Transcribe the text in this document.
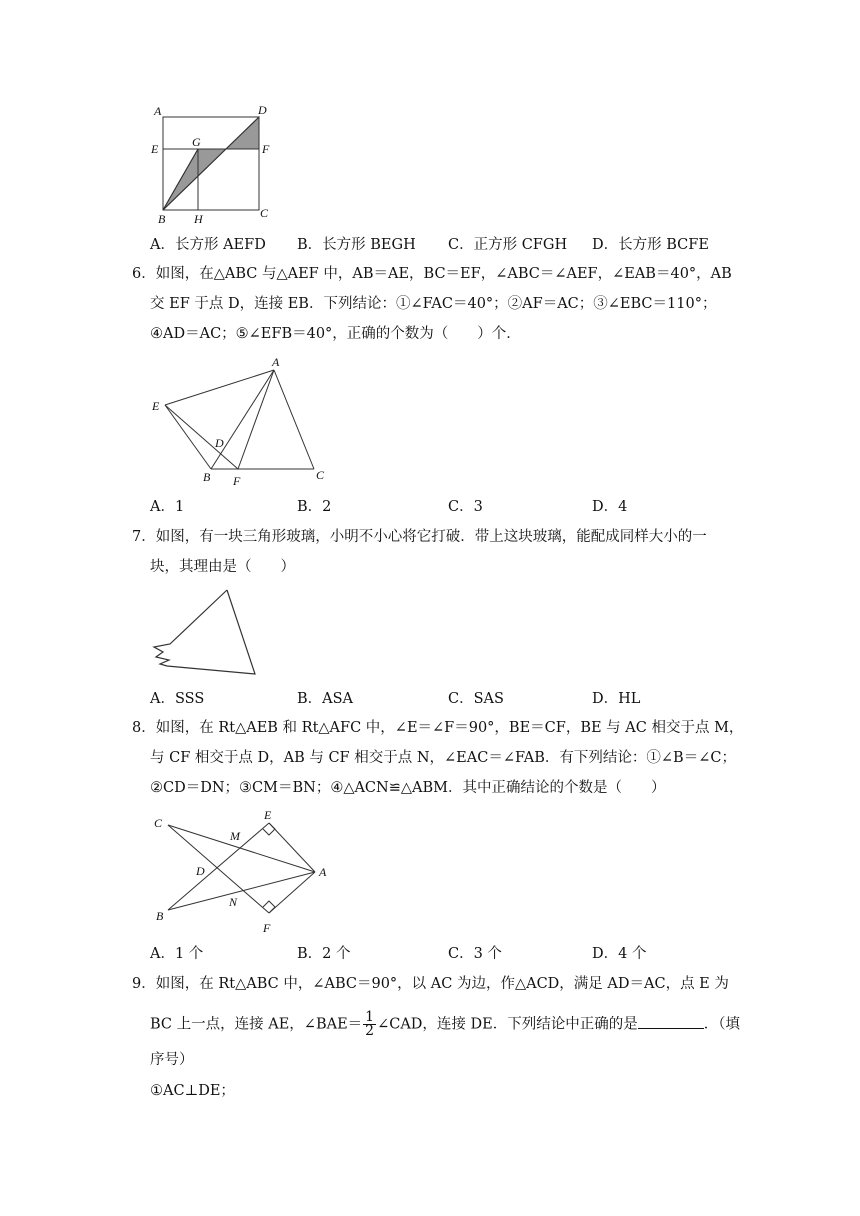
A	D
E	G	F
B H	C
A．长方形 AEFD B．长方形 BEGH C．正方形 CFGH D．长方形 BCFE
6．如图，在△ABC 与△AEF 中，AB＝AE，BC＝EF，∠ABC＝∠AEF，∠EAB＝40°，AB
交 EF 于点 D，连接 EB．下列结论：①∠FAC＝40°；②AF＝AC；③∠EBC＝110°；
④AD＝AC；⑤∠EFB＝40°，正确的个数为（　　）个．
A
E
D
B F	C
A．1	B．2	C．3	D．4
7．如图，有一块三角形玻璃，小明不小心将它打破．带上这块玻璃，能配成同样大小的一
块，其理由是（　　）
A．SSS	B．ASA	C．SAS	D．HL
8．如图，在 Rt△AEB 和 Rt△AFC 中，∠E＝∠F＝90°，BE＝CF，BE 与 AC 相交于点 M，
与 CF 相交于点 D，AB 与 CF 相交于点 N，∠EAC＝∠FAB．有下列结论：①∠B＝∠C；
②CD＝DN；③CM＝BN；④△ACN≌△ABM．其中正确结论的个数是（　　）
C
E
M
D	A
N
B
F
A．1 个	B．2 个	C．3 个	D．4 个
9．如图，在 Rt△ABC 中，∠ABC＝90°，以 AC 为边，作△ACD，满足 AD＝AC，点 E 为
BC 上一点，连接 AE，∠BAE＝ $\frac{1}{2}$ ∠CAD，连接 DE．下列结论中正确的是	．（填
序号）
①AC⊥DE；
